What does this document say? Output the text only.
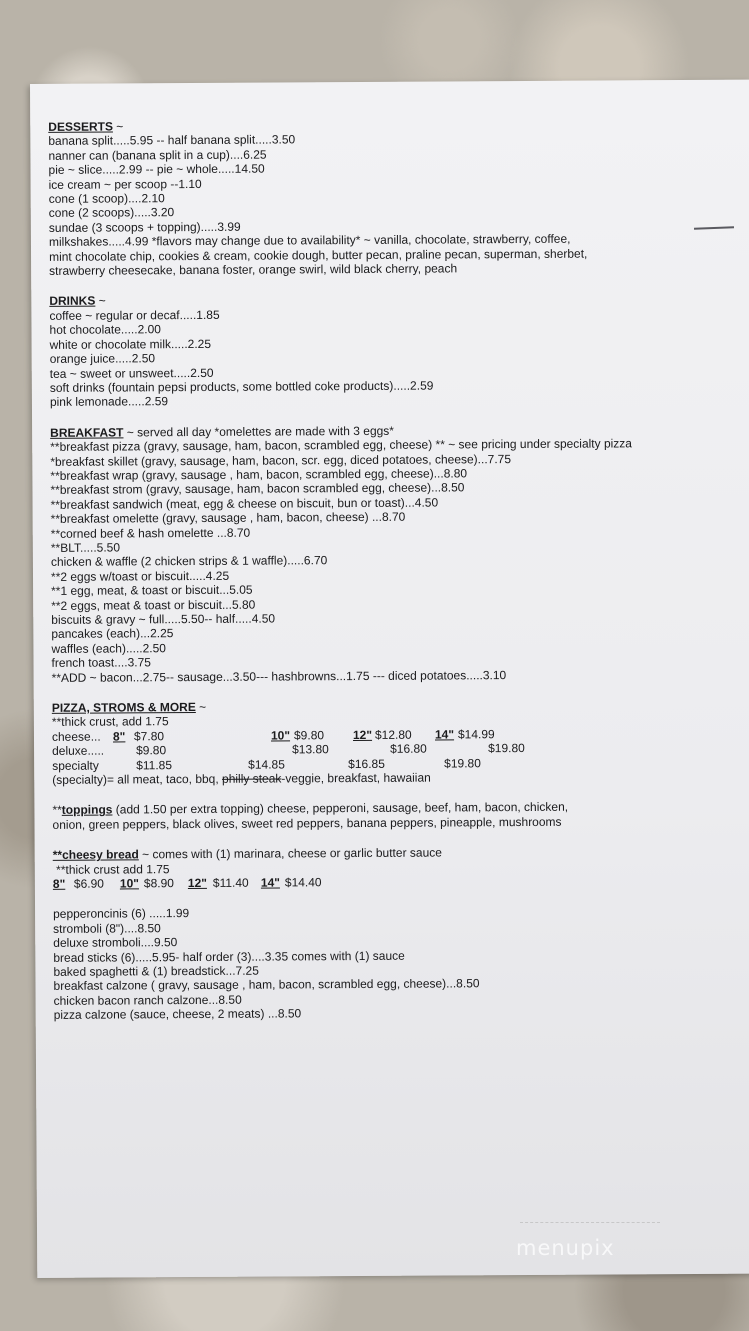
DESSERTS ~
banana split.....5.95 -- half banana split.....3.50
nanner can (banana split in a cup)....6.25
pie ~ slice.....2.99 -- pie ~ whole.....14.50
ice cream ~ per scoop --1.10
cone (1 scoop)....2.10
cone (2 scoops).....3.20
sundae (3 scoops + topping).....3.99
milkshakes.....4.99 *flavors may change due to availability* ~ vanilla, chocolate, strawberry, coffee,
mint chocolate chip, cookies & cream, cookie dough, butter pecan, praline pecan, superman, sherbet,
strawberry cheesecake, banana foster, orange swirl, wild black cherry, peach
DRINKS ~
coffee ~ regular or decaf.....1.85
hot chocolate.....2.00
white or chocolate milk.....2.25
orange juice.....2.50
tea ~ sweet or unsweet.....2.50
soft drinks (fountain pepsi products, some bottled coke products).....2.59
pink lemonade.....2.59
BREAKFAST ~ served all day *omelettes are made with 3 eggs*
**breakfast pizza (gravy, sausage, ham, bacon, scrambled egg, cheese) ** ~ see pricing under specialty pizza
*breakfast skillet (gravy, sausage, ham, bacon, scr. egg, diced potatoes, cheese)...7.75
**breakfast wrap (gravy, sausage , ham, bacon, scrambled egg, cheese)...8.80
**breakfast strom (gravy, sausage, ham, bacon scrambled egg, cheese)...8.50
**breakfast sandwich (meat, egg & cheese on biscuit, bun or toast)...4.50
**breakfast omelette (gravy, sausage , ham, bacon, cheese) ...8.70
**corned beef & hash omelette ...8.70
**BLT.....5.50
chicken & waffle (2 chicken strips & 1 waffle).....6.70
**2 eggs w/toast or biscuit.....4.25
**1 egg, meat, & toast or biscuit...5.05
**2 eggs, meat & toast or biscuit...5.80
biscuits & gravy ~ full.....5.50-- half.....4.50
pancakes (each)...2.25
waffles (each).....2.50
french toast....3.75
**ADD ~ bacon...2.75-- sausage...3.50--- hashbrowns...1.75 --- diced potatoes.....3.10
PIZZA, STROMS & MORE ~
**thick crust, add 1.75
cheese... 8" $7.80	10" $9.80 12" $12.80 14" $14.99
deluxe.....	$9.80	$13.80	$16.80	$19.80
specialty	$11.85	$14.85	$16.85	$19.80
(specialty)= all meat, taco, bbq, philly steak-veggie, breakfast, hawaiian
**toppings (add 1.50 per extra topping) cheese, pepperoni, sausage, beef, ham, bacon, chicken,
onion, green peppers, black olives, sweet red peppers, banana peppers, pineapple, mushrooms
**cheesy bread ~ comes with (1) marinara, cheese or garlic butter sauce
**thick crust add 1.75
8" $6.90 10" $8.90 12" $11.40 14" $14.40
pepperoncinis (6) .....1.99
stromboli (8")....8.50
deluxe stromboli....9.50
bread sticks (6).....5.95- half order (3)....3.35 comes with (1) sauce
baked spaghetti & (1) breadstick...7.25
breakfast calzone ( gravy, sausage , ham, bacon, scrambled egg, cheese)...8.50
chicken bacon ranch calzone...8.50
pizza calzone (sauce, cheese, 2 meats) ...8.50
menupix
